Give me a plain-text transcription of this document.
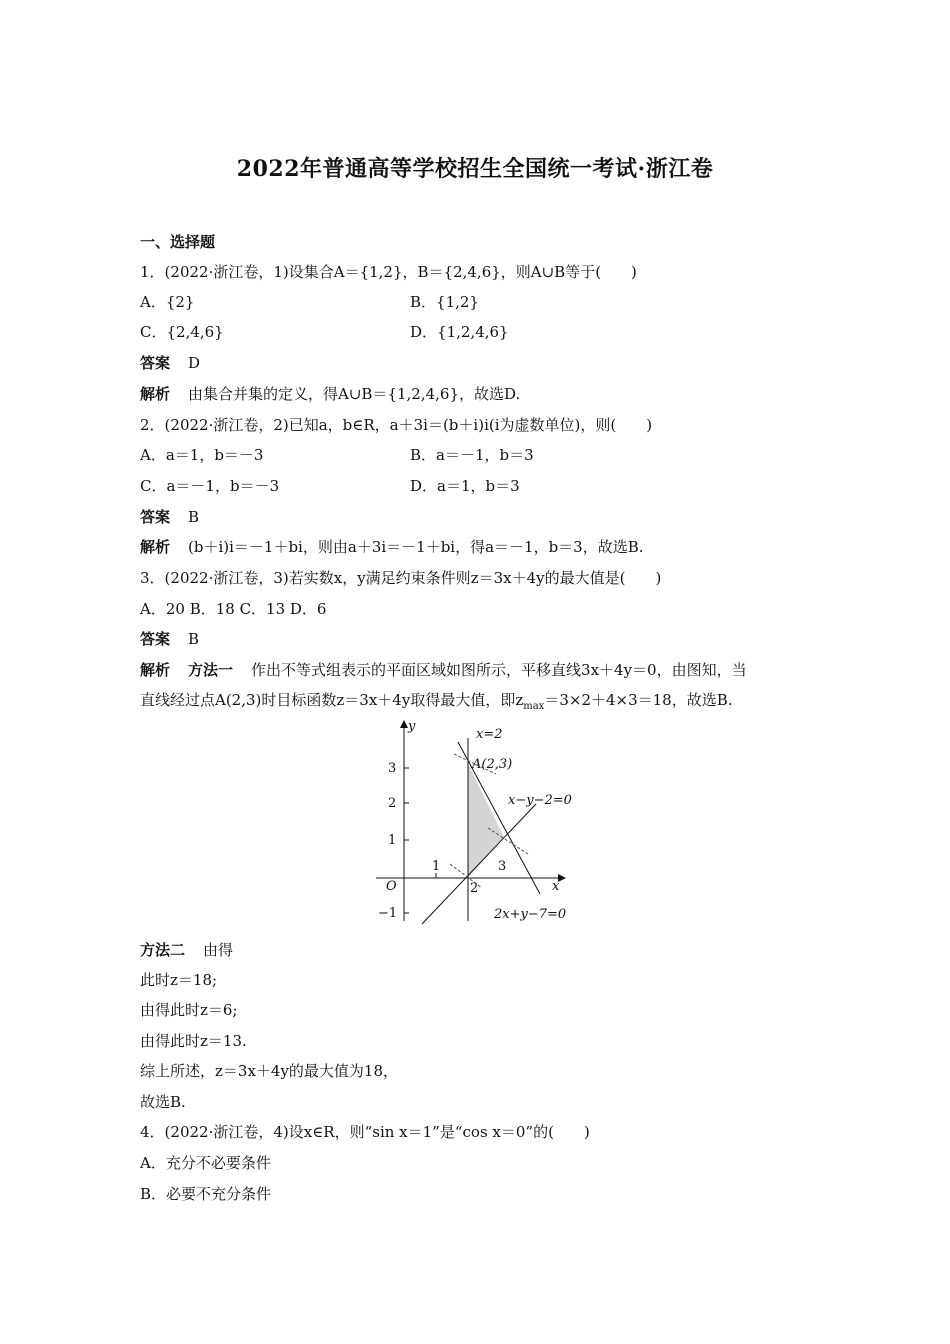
2022年普通高等学校招生全国统一考试·浙江卷
一、选择题
1．(2022·浙江卷，1)设集合A＝{1,2}，B＝{2,4,6}，则A∪B等于(　　)
A．{2}	B．{1,2}
C．{2,4,6}	D．{1,2,4,6}
答案 D
解析 由集合并集的定义，得A∪B＝{1,2,4,6}，故选D.
2．(2022·浙江卷，2)已知a，b∈R，a＋3i＝(b＋i)i(i为虚数单位)，则(　　)
A．a＝1，b＝－3	B．a＝－1，b＝3
C．a＝－1，b＝－3	D．a＝1，b＝3
答案 B
解析 (b＋i)i＝－1＋bi，则由a＋3i＝－1＋bi，得a＝－1，b＝3，故选B.
3．(2022·浙江卷，3)若实数x，y满足约束条件则z＝3x＋4y的最大值是(　　)
A．20 B．18 C．13 D．6
答案 B
解析 方法一 作出不等式组表示的平面区域如图所示，平移直线3x＋4y＝0，由图知，当
直线经过点A(2,3)时目标函数z＝3x＋4y取得最大值，即$z_{max}=3\times 2+4\times 3=18$，故选B.
y
x
O
1
2
3
3
2
1
−1
x=2
A(2,3)
x−y−2=0
2x+y−7=0
方法二 由得
此时z＝18;
由得此时z＝6;
由得此时z＝13.
综上所述，z＝3x＋4y的最大值为18，
故选B.
4．(2022·浙江卷，4)设x∈R，则“sin x＝1”是“cos x＝0”的(　　)
A．充分不必要条件
B．必要不充分条件
